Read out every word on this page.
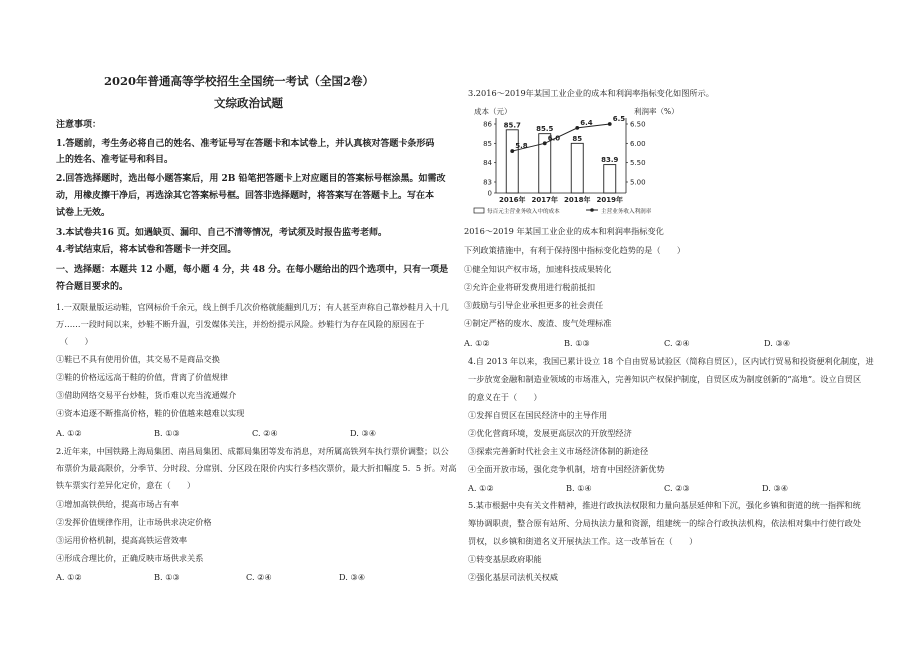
2020年普通高等学校招生全国统一考试（全国2卷）
文综政治试题
注意事项：
1.答题前，考生务必将自己的姓名、准考证号写在答题卡和本试卷上，并认真核对答题卡条形码
上的姓名、准考证号和科目。
2.回答选择题时，选出每小题答案后，用 2B 铅笔把答题卡上对应题目的答案标号框涂黑。如需改
动，用橡皮擦干净后，再选涂其它答案标号框。回答非选择题时，将答案写在答题卡上。写在本
试卷上无效。
3.本试卷共16 页。如遇缺页、漏印、自己不清等情况，考试须及时报告监考老师。
4.考试结束后，将本试卷和答题卡一并交回。
一、选择题：本题共 12 小题，每小题 4 分，共 48 分。在每小题给出的四个选项中，只有一项是
符合题目要求的。
1.一双限量版运动鞋，官网标价千余元，线上倒手几次价格就能翻到几万；有人甚至声称自己靠炒鞋月入十几
万……一段时间以来，炒鞋不断升温，引发媒体关注，并纷纷提示风险。炒鞋行为存在风险的原因在于
（　　）
①鞋已不具有使用价值，其交易不是商品交换
②鞋的价格远远高于鞋的价值，背离了价值规律
③借助网络交易平台炒鞋，货币难以充当流通媒介
④资本追逐不断推高价格，鞋的价值越来越难以实现
A. ①②	B. ①③	C. ②④	D. ③④
2.近年来，中国铁路上海局集团、南昌局集团、成都局集团等发布消息，对所属高铁列车执行票价调整；以公
布票价为最高限价，分季节、分时段、分席别、分区段在限价内实行多档次票价，最大折扣幅度 5．5 折。对高
铁车票实行差异化定价，意在（　　）
①增加高铁供给，提高市场占有率
②发挥价值规律作用，让市场供求决定价格
③运用价格机制，提高高铁运营效率
④形成合理比价，正确反映市场供求关系
A. ①②	B. ①③	C. ②④	D. ③④
3.2016～2019年某国工业企业的成本和利润率指标变化如图所示。
成本（元）	利润率（%）
86
85
84
83
0
6.50
6.00
5.50
5.00
85.7 85.5
85
83.9
2016年 2017年 2018年 2019年
5.8
6.0
6.4	6.5
每百元主营业务收入中的成本	主营业务收入利润率
2016～2019 年某国工业企业的成本和利润率指标变化
下列政策措施中，有利于保持图中指标变化趋势的是（　　）
①健全知识产权市场，加速科技成果转化
②允许企业将研发费用进行税前抵扣
③鼓励与引导企业承担更多的社会责任
④制定严格的废水、废渣、废气处理标准
A. ①②	B. ①③	C. ②④	D. ③④
4.自 2013 年以来，我国已累计设立 18 个自由贸易试验区（简称自贸区），区内试行贸易和投资便利化制度，进
一步放宽金融和制造业领域的市场准入，完善知识产权保护制度，自贸区成为制度创新的“高地”。设立自贸区
的意义在于（　　）
①发挥自贸区在国民经济中的主导作用
②优化营商环境，发展更高层次的开放型经济
③探索完善新时代社会主义市场经济体制的新途径
④全面开放市场，强化竞争机制，培育中国经济新优势
A. ①②	B. ①④	C. ②③	D. ③④
5.某市根据中央有关文件精神，推进行政执法权限和力量向基层延伸和下沉，强化乡镇和街道的统一指挥和统
筹协调职责，整合原有站所、分局执法力量和资源，组建统一的综合行政执法机构，依法相对集中行使行政处
罚权，以乡镇和街道名义开展执法工作。这一改革旨在（　　）
①转变基层政府职能
②强化基层司法机关权威
